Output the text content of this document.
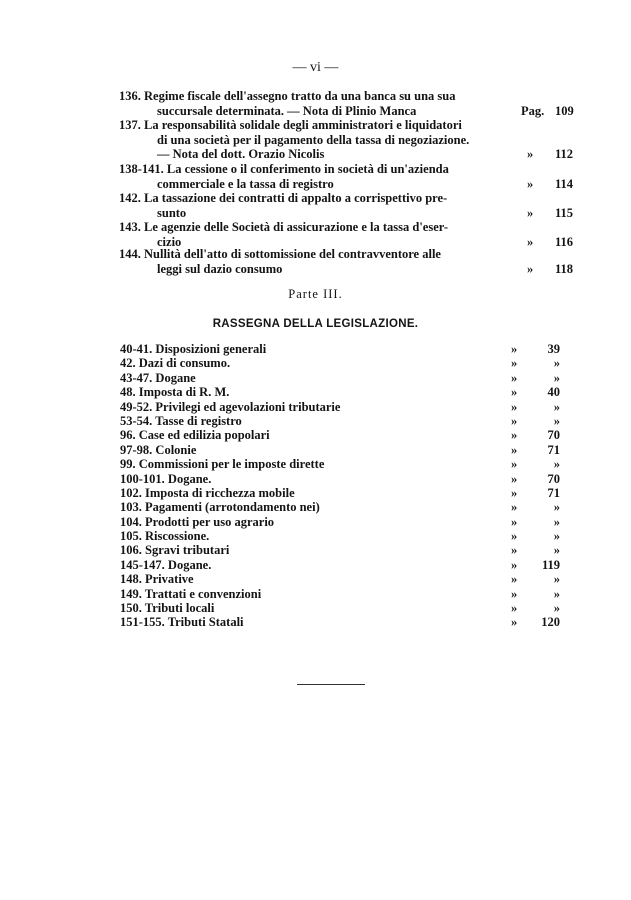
— vi —
136. Regime fiscale dell'assegno tratto da una banca su una sua
succursale determinata. — Nota di Plinio Manca	Pag. 109
137. La responsabilità solidale degli amministratori e liquidatori
di una società per il pagamento della tassa di negoziazione.
— Nota del dott. Orazio Nicolis	»	112
138-141. La cessione o il conferimento in società di un'azienda
commerciale e la tassa di registro	»	114
142. La tassazione dei contratti di appalto a corrispettivo pre-
sunto	»	115
143. Le agenzie delle Società di assicurazione e la tassa d'eser-
cizio	»	116
144. Nullità dell'atto di sottomissione del contravventore alle
leggi sul dazio consumo	»	118
Parte III.
RASSEGNA DELLA LEGISLAZIONE.
40-41. Disposizioni generali	»	39
42. Dazi di consumo.	»	»
43-47. Dogane	»	»
48. Imposta di R. M.	»	40
49-52. Privilegi ed agevolazioni tributarie	»	»
53-54. Tasse di registro	»	»
96. Case ed edilizia popolari	»	70
97-98. Colonie	»	71
99. Commissioni per le imposte dirette	»	»
100-101. Dogane.	»	70
102. Imposta di ricchezza mobile	»	71
103. Pagamenti (arrotondamento nei)	»	»
104. Prodotti per uso agrario	»	»
105. Riscossione.	»	»
106. Sgravi tributari	»	»
145-147. Dogane.	»	119
148. Privative	»	»
149. Trattati e convenzioni	»	»
150. Tributi locali	»	»
151-155. Tributi Statali	»	120
